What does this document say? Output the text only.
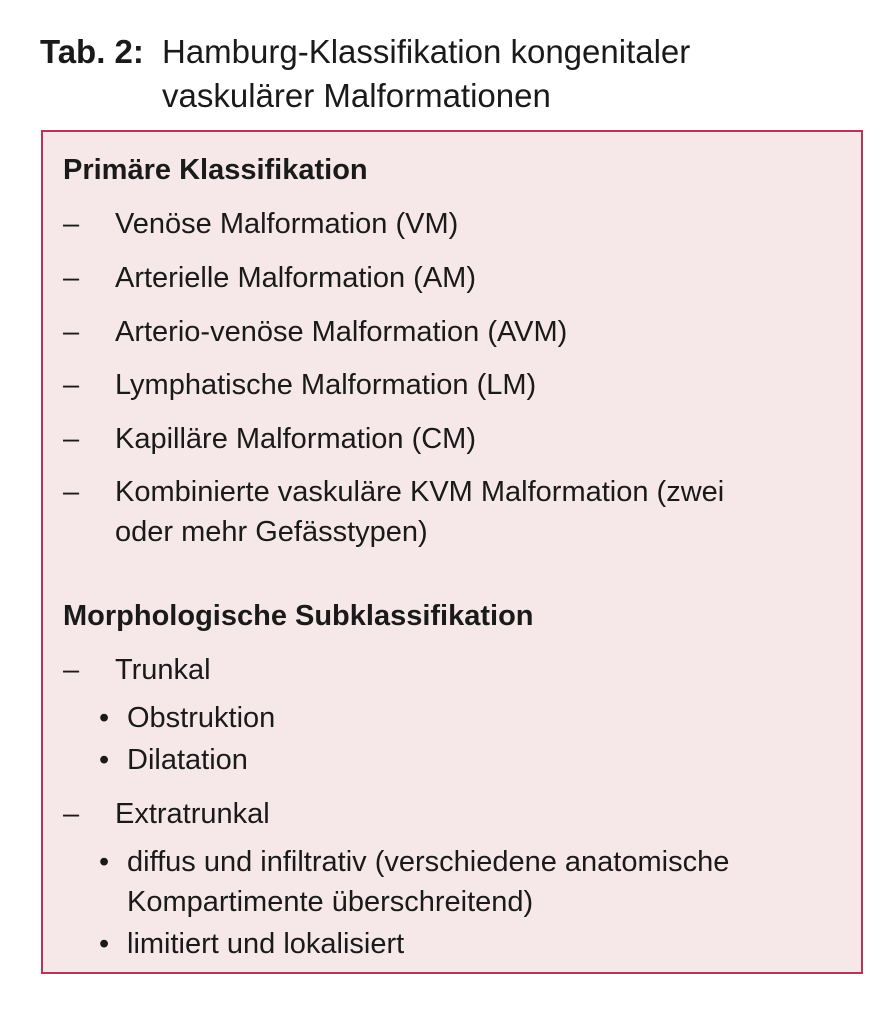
Tab. 2: Hamburg-Klassifikation kongenitaler vaskulärer Malformationen
Primäre Klassifikation
– Venöse Malformation (VM)
– Arterielle Malformation (AM)
– Arterio-venöse Malformation (AVM)
– Lymphatische Malformation (LM)
– Kapilläre Malformation (CM)
– Kombinierte vaskuläre KVM Malformation (zwei oder mehr Gefässtypen)
Morphologische Subklassifikation
– Trunkal
• Obstruktion
• Dilatation
– Extratrunkal
• diffus und infiltrativ (verschiedene anatomische Kompartimente überschreitend)
• limitiert und lokalisiert
